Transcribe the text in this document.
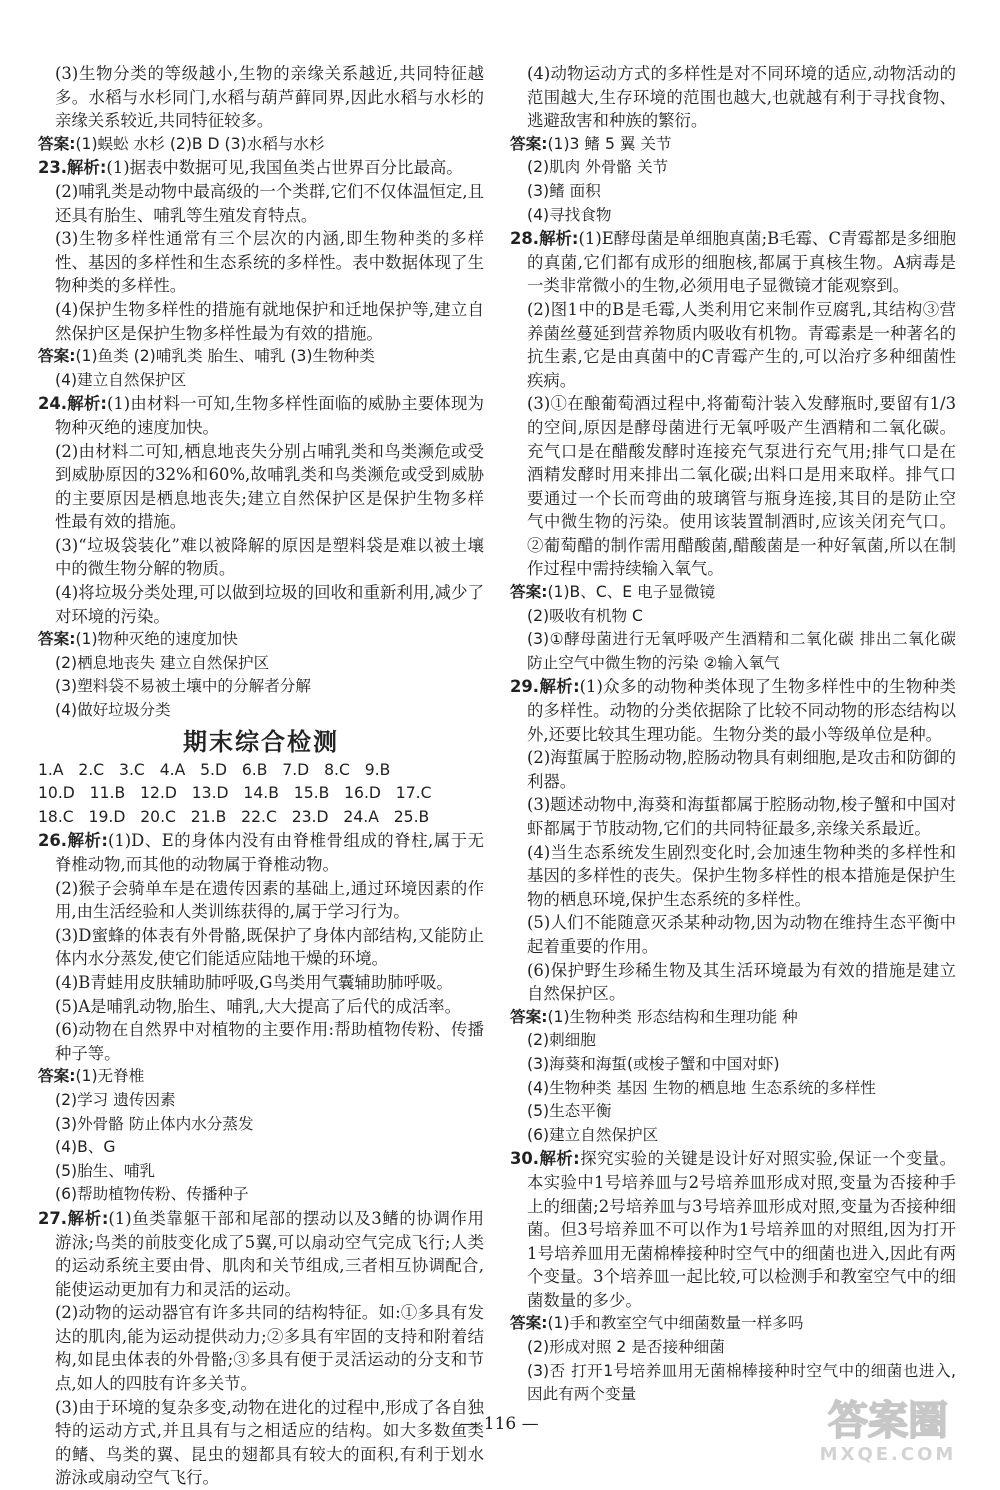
(3)生物分类的等级越小,生物的亲缘关系越近,共同特征越多。水稻与水杉同门,水稻与葫芦藓同界,因此水稻与水杉的亲缘关系较近,共同特征较多。
答案:(1)蜈蚣 水杉 (2)B D (3)水稻与水杉
23.解析:(1)据表中数据可见,我国鱼类占世界百分比最高。
(2)哺乳类是动物中最高级的一个类群,它们不仅体温恒定,且还具有胎生、哺乳等生殖发育特点。
(3)生物多样性通常有三个层次的内涵,即生物种类的多样性、基因的多样性和生态系统的多样性。表中数据体现了生物种类的多样性。
(4)保护生物多样性的措施有就地保护和迁地保护等,建立自然保护区是保护生物多样性最为有效的措施。
答案:(1)鱼类 (2)哺乳类 胎生、哺乳 (3)生物种类
(4)建立自然保护区
24.解析:(1)由材料一可知,生物多样性面临的威胁主要体现为物种灭绝的速度加快。
(2)由材料二可知,栖息地丧失分别占哺乳类和鸟类濒危或受到威胁原因的32%和60%,故哺乳类和鸟类濒危或受到威胁的主要原因是栖息地丧失;建立自然保护区是保护生物多样性最有效的措施。
(3)“垃圾袋装化”难以被降解的原因是塑料袋是难以被土壤中的微生物分解的物质。
(4)将垃圾分类处理,可以做到垃圾的回收和重新利用,减少了对环境的污染。
答案:(1)物种灭绝的速度加快
(2)栖息地丧失 建立自然保护区
(3)塑料袋不易被土壤中的分解者分解
(4)做好垃圾分类
期末综合检测
1.A   2.C   3.C   4.A   5.D   6.B   7.D   8.C   9.B
10.D   11.B   12.D   13.D   14.B   15.B   16.D   17.C
18.C   19.D   20.C   21.B   22.C   23.D   24.A   25.B
26.解析:(1)D、E的身体内没有由脊椎骨组成的脊柱,属于无脊椎动物,而其他的动物属于脊椎动物。
(2)猴子会骑单车是在遗传因素的基础上,通过环境因素的作用,由生活经验和人类训练获得的,属于学习行为。
(3)D蜜蜂的体表有外骨骼,既保护了身体内部结构,又能防止体内水分蒸发,使它们能适应陆地干燥的环境。
(4)B青蛙用皮肤辅助肺呼吸,G鸟类用气囊辅助肺呼吸。
(5)A是哺乳动物,胎生、哺乳,大大提高了后代的成活率。
(6)动物在自然界中对植物的主要作用:帮助植物传粉、传播种子等。
答案:(1)无脊椎
(2)学习 遗传因素
(3)外骨骼 防止体内水分蒸发
(4)B、G
(5)胎生、哺乳
(6)帮助植物传粉、传播种子
27.解析:(1)鱼类靠躯干部和尾部的摆动以及3鳍的协调作用游泳;鸟类的前肢变化成了5翼,可以扇动空气完成飞行;人类的运动系统主要由骨、肌肉和关节组成,三者相互协调配合,能使运动更加有力和灵活的运动。
(2)动物的运动器官有许多共同的结构特征。如:①多具有发达的肌肉,能为运动提供动力;②多具有牢固的支持和附着结构,如昆虫体表的外骨骼;③多具有便于灵活运动的分支和节点,如人的四肢有许多关节。
(3)由于环境的复杂多变,动物在进化的过程中,形成了各自独特的运动方式,并且具有与之相适应的结构。如大多数鱼类的鳍、鸟类的翼、昆虫的翅都具有较大的面积,有利于划水游泳或扇动空气飞行。
(4)动物运动方式的多样性是对不同环境的适应,动物活动的范围越大,生存环境的范围也越大,也就越有利于寻找食物、逃避敌害和种族的繁衍。
答案:(1)3 鳍 5 翼 关节
(2)肌肉 外骨骼 关节
(3)鳍 面积
(4)寻找食物
28.解析:(1)E酵母菌是单细胞真菌;B毛霉、C青霉都是多细胞的真菌,它们都有成形的细胞核,都属于真核生物。A病毒是一类非常微小的生物,必须用电子显微镜才能观察到。
(2)图1中的B是毛霉,人类利用它来制作豆腐乳,其结构③营养菌丝蔓延到营养物质内吸收有机物。青霉素是一种著名的抗生素,它是由真菌中的C青霉产生的,可以治疗多种细菌性疾病。
(3)①在酿葡萄酒过程中,将葡萄汁装入发酵瓶时,要留有1/3的空间,原因是酵母菌进行无氧呼吸产生酒精和二氧化碳。充气口是在醋酸发酵时连接充气泵进行充气用;排气口是在酒精发酵时用来排出二氧化碳;出料口是用来取样。排气口要通过一个长而弯曲的玻璃管与瓶身连接,其目的是防止空气中微生物的污染。使用该装置制酒时,应该关闭充气口。②葡萄醋的制作需用醋酸菌,醋酸菌是一种好氧菌,所以在制作过程中需持续输入氧气。
答案:(1)B、C、E 电子显微镜
(2)吸收有机物 C
(3)①酵母菌进行无氧呼吸产生酒精和二氧化碳 排出二氧化碳 防止空气中微生物的污染 ②输入氧气
29.解析:(1)众多的动物种类体现了生物多样性中的生物种类的多样性。动物的分类依据除了比较不同动物的形态结构以外,还要比较其生理功能。生物分类的最小等级单位是种。
(2)海蜇属于腔肠动物,腔肠动物具有刺细胞,是攻击和防御的利器。
(3)题述动物中,海葵和海蜇都属于腔肠动物,梭子蟹和中国对虾都属于节肢动物,它们的共同特征最多,亲缘关系最近。
(4)当生态系统发生剧烈变化时,会加速生物种类的多样性和基因的多样性的丧失。保护生物多样性的根本措施是保护生物的栖息环境,保护生态系统的多样性。
(5)人们不能随意灭杀某种动物,因为动物在维持生态平衡中起着重要的作用。
(6)保护野生珍稀生物及其生活环境最为有效的措施是建立自然保护区。
答案:(1)生物种类 形态结构和生理功能 种
(2)刺细胞
(3)海葵和海蜇(或梭子蟹和中国对虾)
(4)生物种类 基因 生物的栖息地 生态系统的多样性
(5)生态平衡
(6)建立自然保护区
30.解析:探究实验的关键是设计好对照实验,保证一个变量。本实验中1号培养皿与2号培养皿形成对照,变量为否接种手上的细菌;2号培养皿与3号培养皿形成对照,变量为否接种细菌。但3号培养皿不可以作为1号培养皿的对照组,因为打开1号培养皿用无菌棉棒接种时空气中的细菌也进入,因此有两个变量。3个培养皿一起比较,可以检测手和教室空气中的细菌数量的多少。
答案:(1)手和教室空气中细菌数量一样多吗
(2)形成对照 2 是否接种细菌
(3)否 打开1号培养皿用无菌棉棒接种时空气中的细菌也进入,因此有两个变量
— 116 —	答案圈
MXQE.COM
